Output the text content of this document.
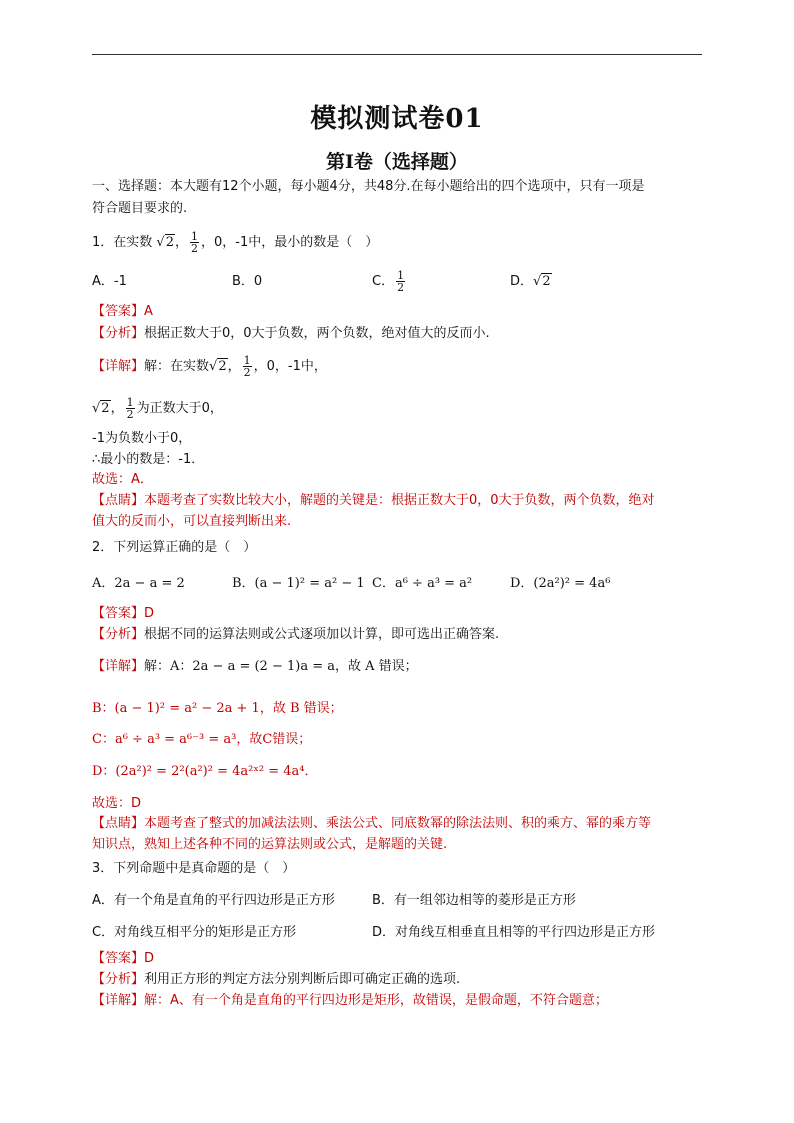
模拟测试卷01
第Ⅰ卷（选择题）
一、选择题：本大题有12个小题，每小题4分，共48分.在每小题给出的四个选项中，只有一项是
符合题目要求的.
1．在实数 √2， $\frac{1}{2}$ ，0，-1中，最小的数是（　）
A．-1	B．0	C． $\frac{1}{2}$	D．√2
【答案】A
【分析】根据正数大于0，0大于负数，两个负数，绝对值大的反而小.
【详解】解：在实数√2， $\frac{1}{2}$ ，0，-1中，
√2， $\frac{1}{2}$ 为正数大于0，
-1为负数小于0，
∴最小的数是：-1．
故选：A．
【点睛】本题考查了实数比较大小，解题的关键是：根据正数大于0，0大于负数，两个负数，绝对
值大的反而小，可以直接判断出来.
2．下列运算正确的是（　）
A．2a − a = 2	B．(a − 1)² = a² − 1 C．a⁶ ÷ a³ = a²	D．(2a²)² = 4a⁶
【答案】D
【分析】根据不同的运算法则或公式逐项加以计算，即可选出正确答案.
【详解】解：A：2a − a = (2 − 1)a = a，故 A 错误；
B：(a − 1)² = a² − 2a + 1，故 B 错误；
C：a⁶ ÷ a³ = a⁶⁻³ = a³，故C错误；
D：(2a²)² = 2²(a²)² = 4a²ˣ² = 4a⁴．
故选：D
【点睛】本题考查了整式的加减法法则、乘法公式、同底数幂的除法法则、积的乘方、幂的乘方等
知识点，熟知上述各种不同的运算法则或公式，是解题的关键.
3．下列命题中是真命题的是（　）
A．有一个角是直角的平行四边形是正方形	B．有一组邻边相等的菱形是正方形
C．对角线互相平分的矩形是正方形	D．对角线互相垂直且相等的平行四边形是正方形
【答案】D
【分析】利用正方形的判定方法分别判断后即可确定正确的选项.
【详解】解：A、有一个角是直角的平行四边形是矩形，故错误，是假命题，不符合题意；
